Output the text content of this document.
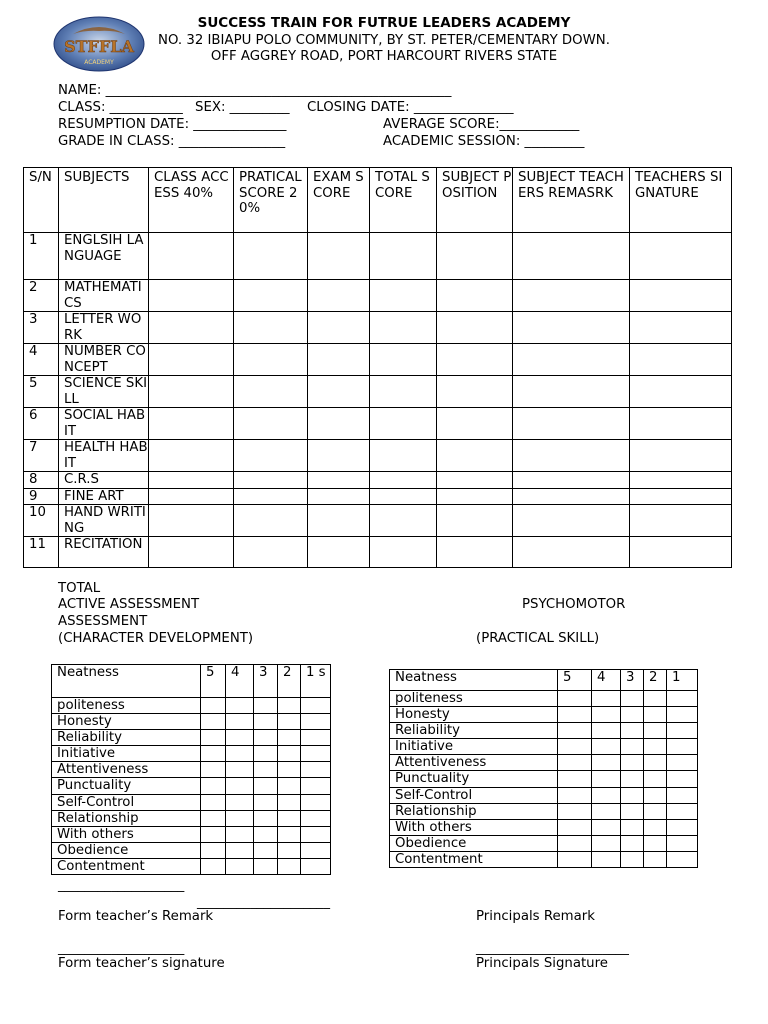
STFFLA
ACADEMY
SUCCESS TRAIN FOR FUTRUE LEADERS ACADEMY
NO. 32 IBIAPU POLO COMMUNITY, BY ST. PETER/CEMENTARY DOWN.
OFF AGGREY ROAD, PORT HARCOURT RIVERS STATE
NAME: ____________________________________________________
CLASS: ___________ SEX: _________ CLOSING DATE: _______________
RESUMPTION DATE: ______________	AVERAGE SCORE:____________
GRADE IN CLASS: ________________	ACADEMIC SESSION: _________
S/N	SUBJECTS	CLASS ACCESS 40%	PRATICAL SCORE 20%	EXAM SCORE	TOTAL SCORE	SUBJECT POSITION	SUBJECT TEACHERS REMASRK	TEACHERS SIGNATURE
1	ENGLSIH LANGUAGE							
2	MATHEMATICS							
3	LETTER WORK							
4	NUMBER CONCEPT							
5	SCIENCE SKILL							
6	SOCIAL HABIT							
7	HEALTH HABIT							
8	C.R.S							
9	FINE ART							
10	HAND WRITING							
11	RECITATION							
TOTAL
ACTIVE ASSESSMENT
ASSESSMENT
(CHARACTER DEVELOPMENT)
PSYCHOMOTOR
(PRACTICAL SKILL)
Neatness	5	4	3	2	1 s
politeness					
Honesty					
Reliability					
Initiative					
Attentiveness					
Punctuality					
Self-Control					
Relationship					
With others					
Obedience					
Contentment					
Neatness	5	4	3	2	1
politeness					
Honesty					
Reliability					
Initiative					
Attentiveness					
Punctuality					
Self-Control					
Relationship					
With others					
Obedience					
Contentment					
___________________
____________________
Form teacher’s Remark	Principals Remark
___________________	_______________________
Form teacher’s signature	Principals Signature
